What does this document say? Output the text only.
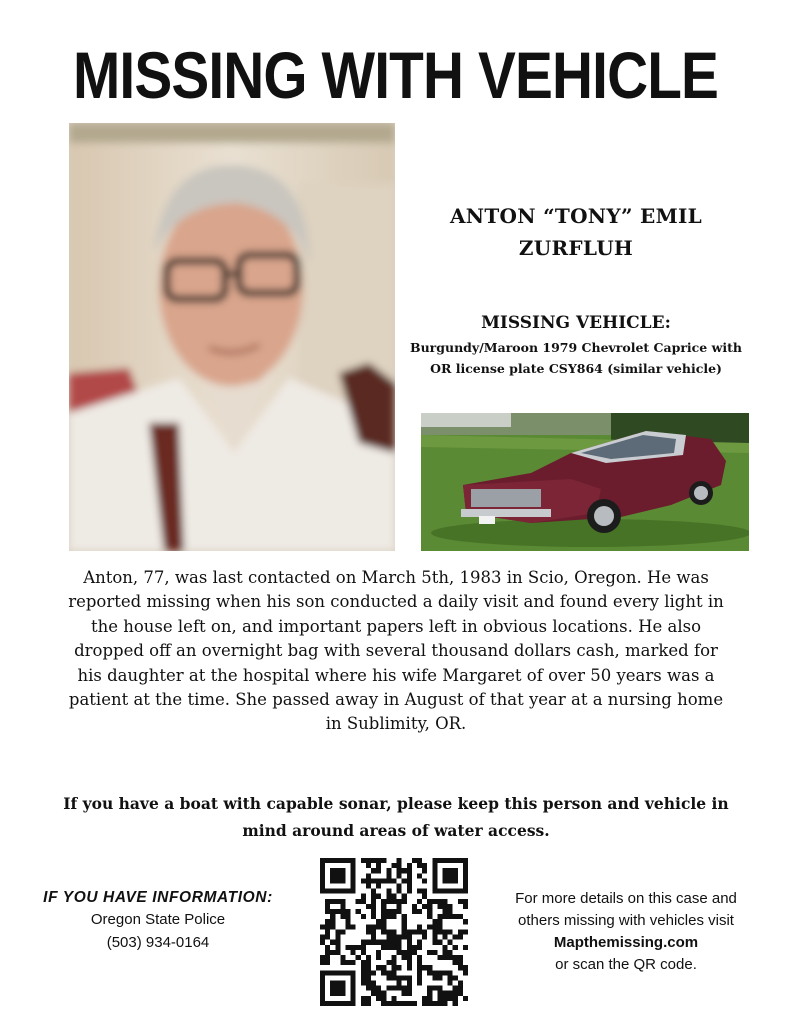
MISSING WITH VEHICLE
ANTON “TONY” EMIL ZURFLUH
MISSING VEHICLE:
Burgundy/Maroon 1979 Chevrolet Caprice with OR license plate CSY864 (similar vehicle)
Anton, 77, was last contacted on March 5th, 1983 in Scio, Oregon. He was reported missing when his son conducted a daily visit and found every light in the house left on, and important papers left in obvious locations. He also dropped off an overnight bag with several thousand dollars cash, marked for his daughter at the hospital where his wife Margaret of over 50 years was a patient at the time. She passed away in August of that year at a nursing home in Sublimity, OR.
If you have a boat with capable sonar, please keep this person and vehicle in mind around areas of water access.
IF YOU HAVE INFORMATION:
Oregon State Police
(503) 934-0164
For more details on this case and
others missing with vehicles visit
Mapthemissing.com
or scan the QR code.
